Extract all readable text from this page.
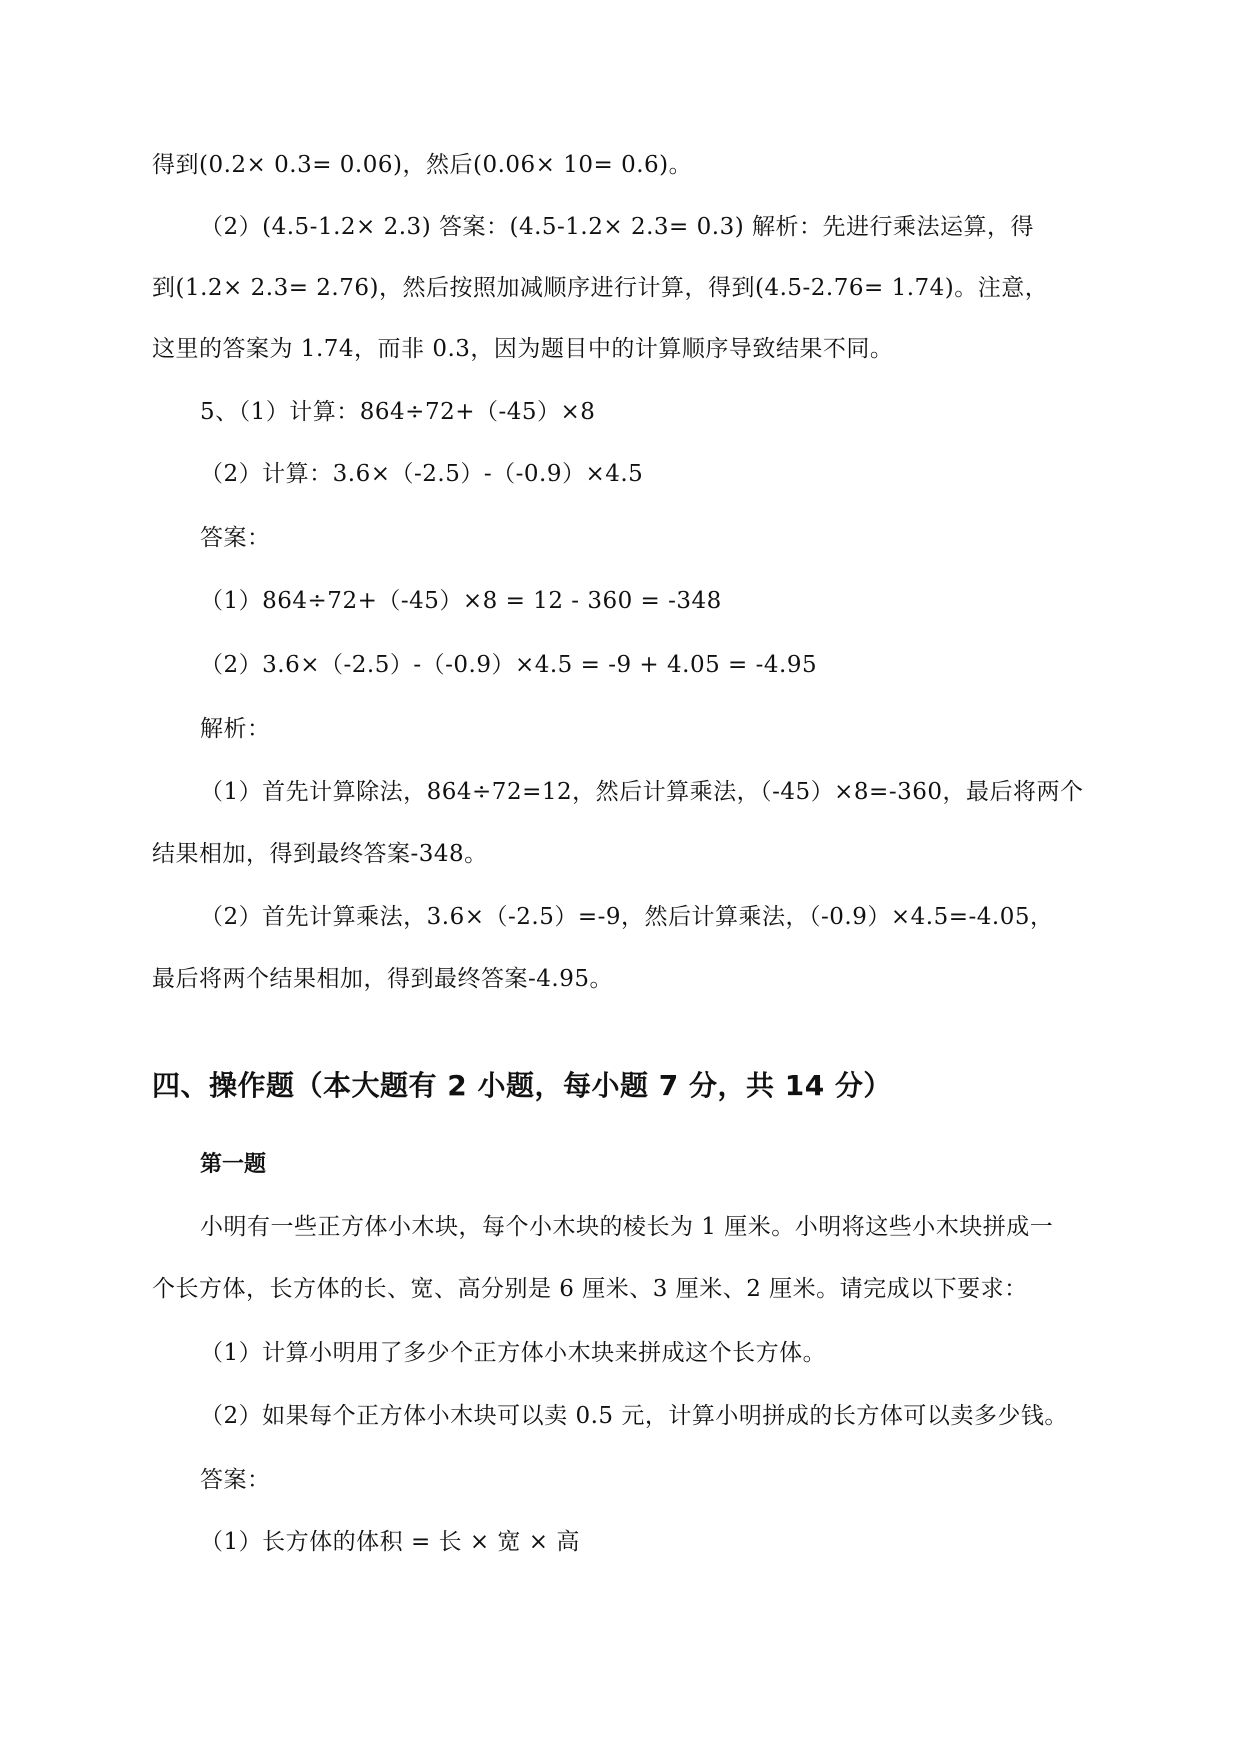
得到(0.2× 0.3= 0.06)，然后(0.06× 10= 0.6)。
（2）(4.5-1.2× 2.3) 答案：(4.5-1.2× 2.3= 0.3) 解析：先进行乘法运算，得
到(1.2× 2.3= 2.76)，然后按照加减顺序进行计算，得到(4.5-2.76= 1.74)。注意，
这里的答案为 1.74，而非 0.3，因为题目中的计算顺序导致结果不同。
5、（1）计算：864÷72+（-45）×8
（2）计算：3.6×（-2.5）-（-0.9）×4.5
答案：
（1）864÷72+（-45）×8 = 12 - 360 = -348
（2）3.6×（-2.5）-（-0.9）×4.5 = -9 + 4.05 = -4.95
解析：
（1）首先计算除法，864÷72=12，然后计算乘法，（-45）×8=-360，最后将两个
结果相加，得到最终答案-348。
（2）首先计算乘法，3.6×（-2.5）=-9，然后计算乘法，（-0.9）×4.5=-4.05，
最后将两个结果相加，得到最终答案-4.95。
四、操作题（本大题有 2 小题，每小题 7 分，共 14 分）
第一题
小明有一些正方体小木块，每个小木块的棱长为 1 厘米。小明将这些小木块拼成一
个长方体，长方体的长、宽、高分别是 6 厘米、3 厘米、2 厘米。请完成以下要求：
（1）计算小明用了多少个正方体小木块来拼成这个长方体。
（2）如果每个正方体小木块可以卖 0.5 元，计算小明拼成的长方体可以卖多少钱。
答案：
（1）长方体的体积 = 长 × 宽 × 高
